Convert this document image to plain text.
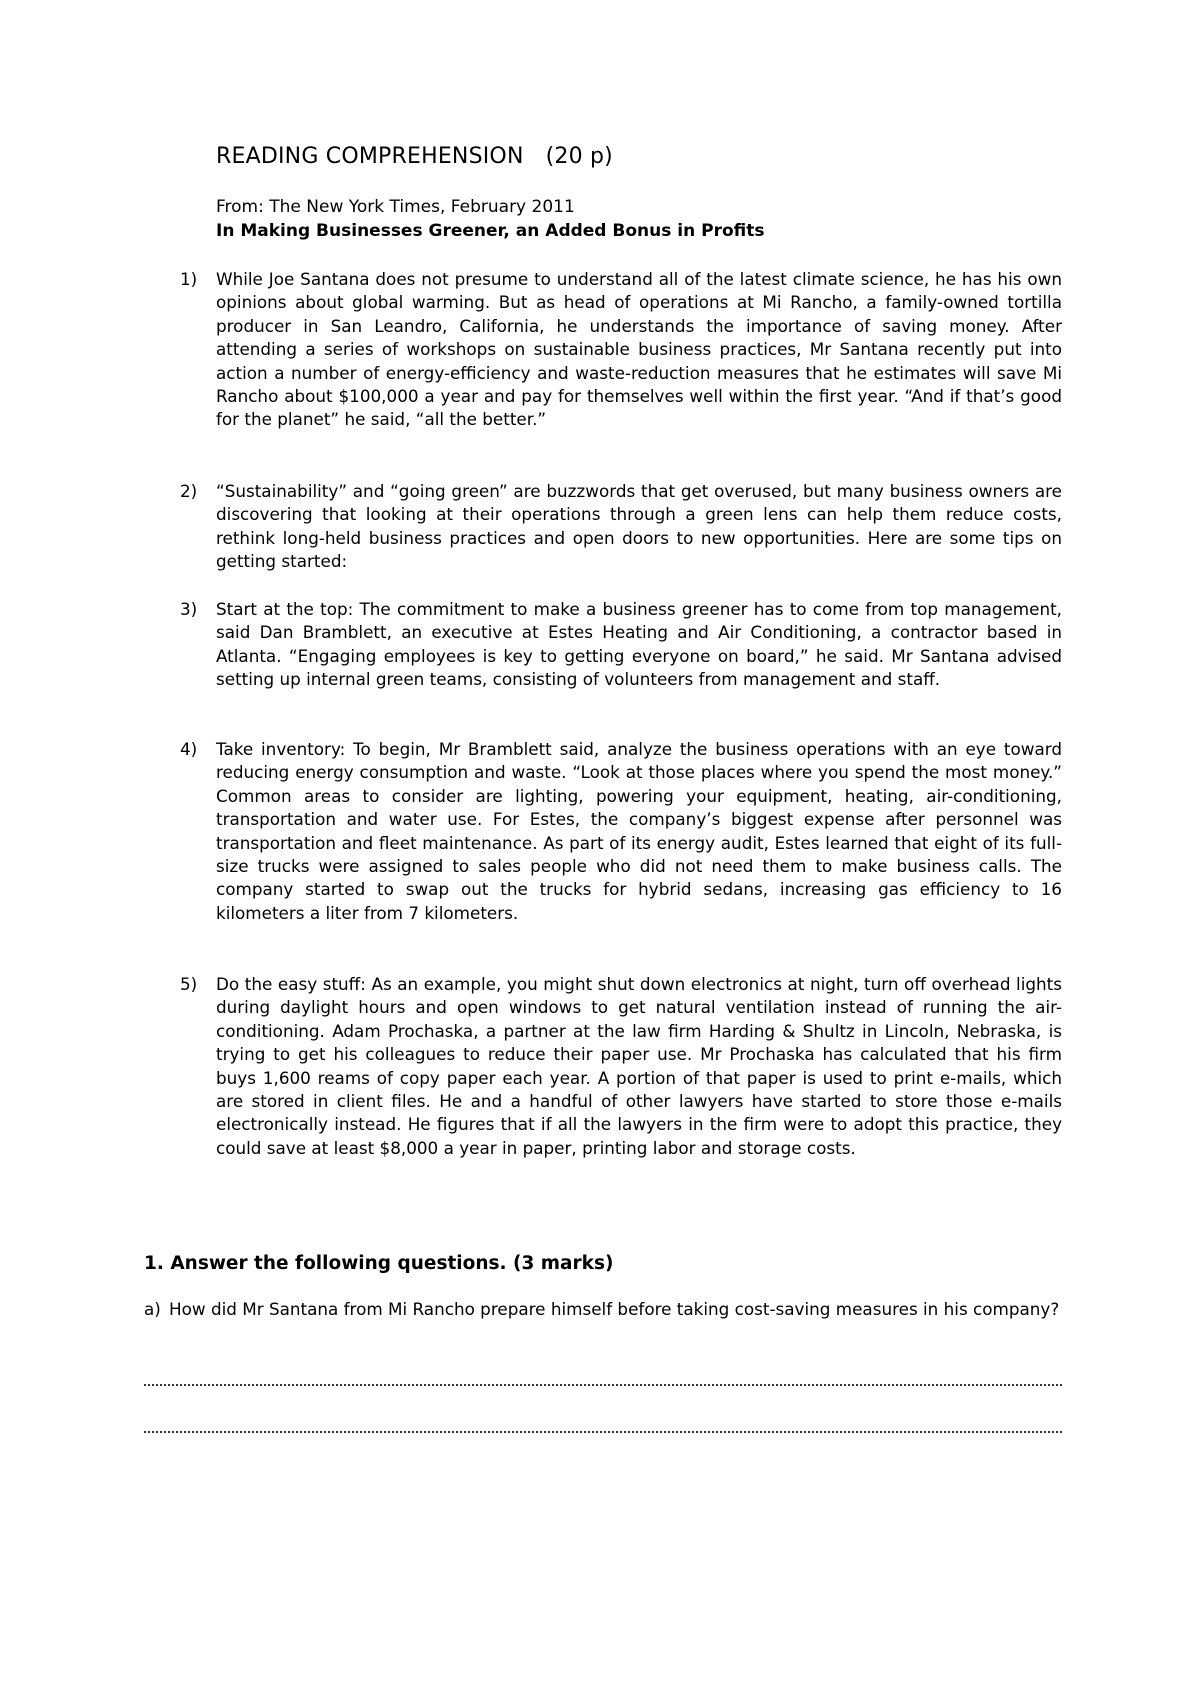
READING COMPREHENSION (20 p)
From: The New York Times, February 2011
In Making Businesses Greener, an Added Bonus in Profits
1) While Joe Santana does not presume to understand all of the latest climate science, he has his own opinions about global warming. But as head of operations at Mi Rancho, a family-owned tortilla producer in San Leandro, California, he understands the importance of saving money. After attending a series of workshops on sustainable business practices, Mr Santana recently put into action a number of energy-efficiency and waste-reduction measures that he estimates will save Mi Rancho about $100,000 a year and pay for themselves well within the first year. “And if that’s good for the planet” he said, “all the better.”
2) “Sustainability” and “going green” are buzzwords that get overused, but many business owners are discovering that looking at their operations through a green lens can help them reduce costs, rethink long-held business practices and open doors to new opportunities. Here are some tips on getting started:
3) Start at the top: The commitment to make a business greener has to come from top management, said Dan Bramblett, an executive at Estes Heating and Air Conditioning, a contractor based in Atlanta. “Engaging employees is key to getting everyone on board,” he said. Mr Santana advised setting up internal green teams, consisting of volunteers from management and staff.
4) Take inventory: To begin, Mr Bramblett said, analyze the business operations with an eye toward reducing energy consumption and waste. “Look at those places where you spend the most money.” Common areas to consider are lighting, powering your equipment, heating, air-conditioning, transportation and water use. For Estes, the company’s biggest expense after personnel was transportation and fleet maintenance. As part of its energy audit, Estes learned that eight of its full-size trucks were assigned to sales people who did not need them to make business calls. The company started to swap out the trucks for hybrid sedans, increasing gas efficiency to 16 kilometers a liter from 7 kilometers.
5) Do the easy stuff: As an example, you might shut down electronics at night, turn off overhead lights during daylight hours and open windows to get natural ventilation instead of running the air-conditioning. Adam Prochaska, a partner at the law firm Harding & Shultz in Lincoln, Nebraska, is trying to get his colleagues to reduce their paper use. Mr Prochaska has calculated that his firm buys 1,600 reams of copy paper each year. A portion of that paper is used to print e-mails, which are stored in client files. He and a handful of other lawyers have started to store those e-mails electronically instead. He figures that if all the lawyers in the firm were to adopt this practice, they could save at least $8,000 a year in paper, printing labor and storage costs.
1. Answer the following questions. (3 marks)
a) How did Mr Santana from Mi Rancho prepare himself before taking cost-saving measures in his company?
